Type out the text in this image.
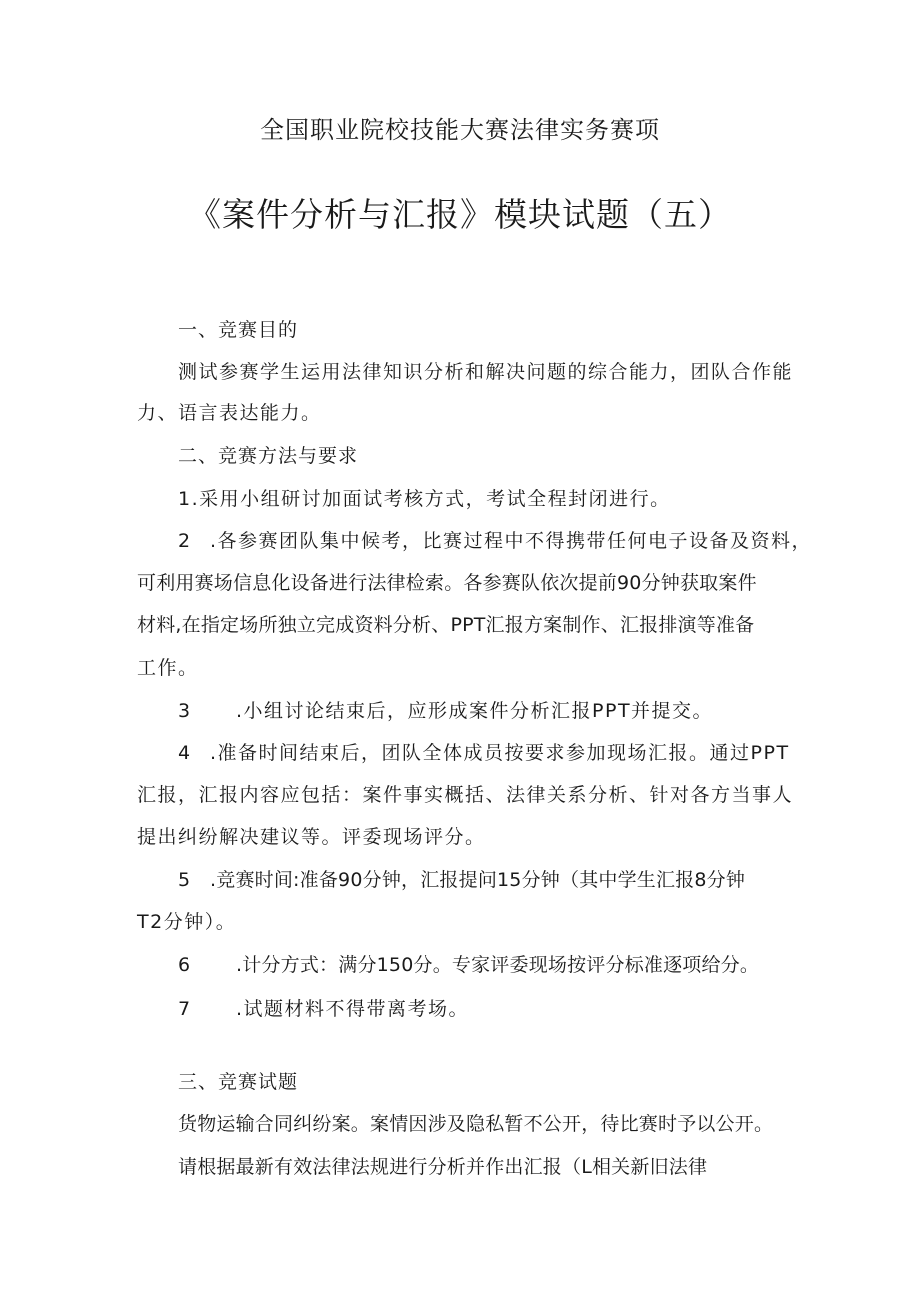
全国职业院校技能大赛法律实务赛项
《案件分析与汇报》模块试题（五）
一、竞赛目的
测试参赛学生运用法律知识分析和解决问题的综合能力，团队合作能
力、语言表达能力。
二、竞赛方法与要求
1.采用小组研讨加面试考核方式，考试全程封闭进行。
2 .各参赛团队集中候考，比赛过程中不得携带任何电子设备及资料，
可利用赛场信息化设备进行法律检索。各参赛队依次提前90分钟获取案件
材料,在指定场所独立完成资料分析、PPT汇报方案制作、汇报排演等准备
工作。
3 .小组讨论结束后，应形成案件分析汇报PPT并提交。
4 .准备时间结束后，团队全体成员按要求参加现场汇报。通过PPT
汇报，汇报内容应包括：案件事实概括、法律关系分析、针对各方当事人
提出纠纷解决建议等。评委现场评分。
5 .竞赛时间:准备90分钟，汇报提问15分钟（其中学生汇报8分钟
T2分钟）。
6 .计分方式：满分150分。专家评委现场按评分标准逐项给分。
7 .试题材料不得带离考场。
三、竞赛试题
货物运输合同纠纷案。案情因涉及隐私暂不公开，待比赛时予以公开。
请根据最新有效法律法规进行分析并作出汇报（L相关新旧法律
